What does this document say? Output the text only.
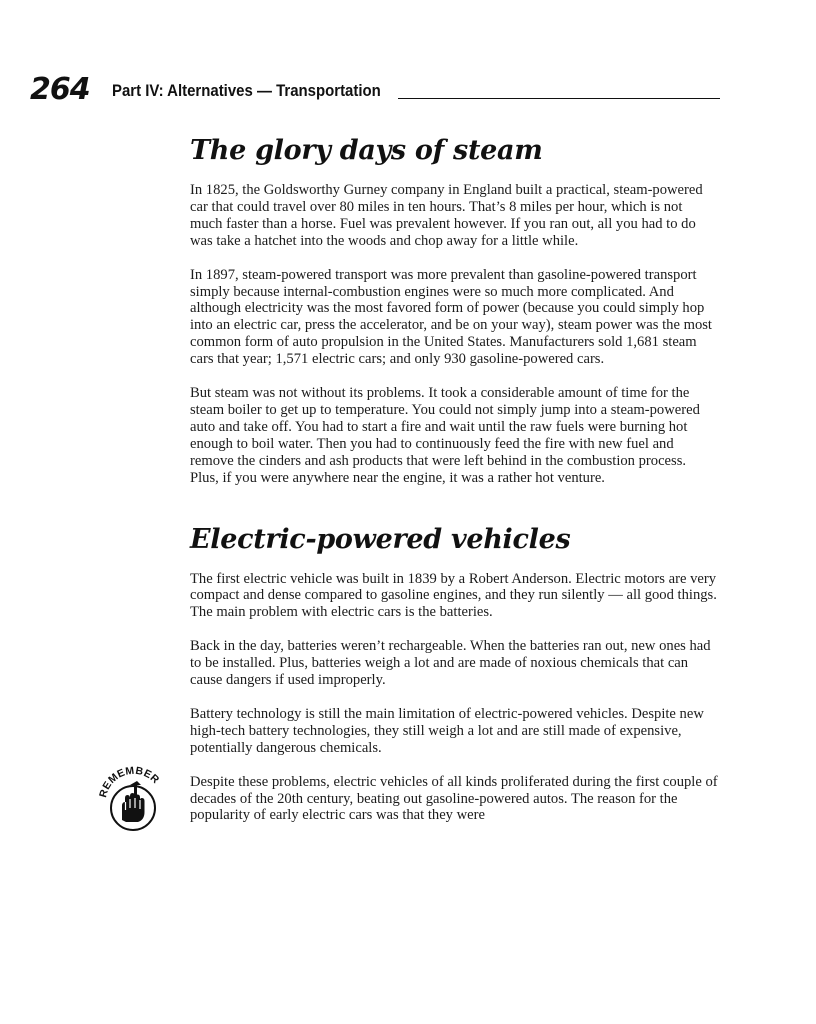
264 Part IV: Alternatives — Transportation
REMEMBER
The glory days of steam

In 1825, the Goldsworthy Gurney company in England built a practical, steam-powered car that could travel over 80 miles in ten hours. That’s 8 miles per hour, which is not much faster than a horse. Fuel was prevalent however. If you ran out, all you had to do was take a hatchet into the woods and chop away for a little while.

In 1897, steam-powered transport was more prevalent than gasoline-powered transport simply because internal-combustion engines were so much more complicated. And although electricity was the most favored form of power (because you could simply hop into an electric car, press the accelerator, and be on your way), steam power was the most common form of auto propulsion in the United States. Manufacturers sold 1,681 steam cars that year; 1,571 electric cars; and only 930 gasoline-powered cars.

But steam was not without its problems. It took a considerable amount of time for the steam boiler to get up to temperature. You could not simply jump into a steam-powered auto and take off. You had to start a fire and wait until the raw fuels were burning hot enough to boil water. Then you had to continuously feed the fire with new fuel and remove the cinders and ash products that were left behind in the combustion process. Plus, if you were anywhere near the engine, it was a rather hot venture.

Electric-powered vehicles

The first electric vehicle was built in 1839 by a Robert Anderson. Electric motors are very compact and dense compared to gasoline engines, and they run silently — all good things. The main problem with electric cars is the batteries.

Back in the day, batteries weren’t rechargeable. When the batteries ran out, new ones had to be installed. Plus, batteries weigh a lot and are made of noxious chemicals that can cause dangers if used improperly.

Battery technology is still the main limitation of electric-powered vehicles. Despite new high-tech battery technologies, they still weigh a lot and are still made of expensive, potentially dangerous chemicals.

Despite these problems, electric vehicles of all kinds proliferated during the first couple of decades of the 20th century, beating out gasoline-powered autos. The reason for the popularity of early electric cars was that they were
